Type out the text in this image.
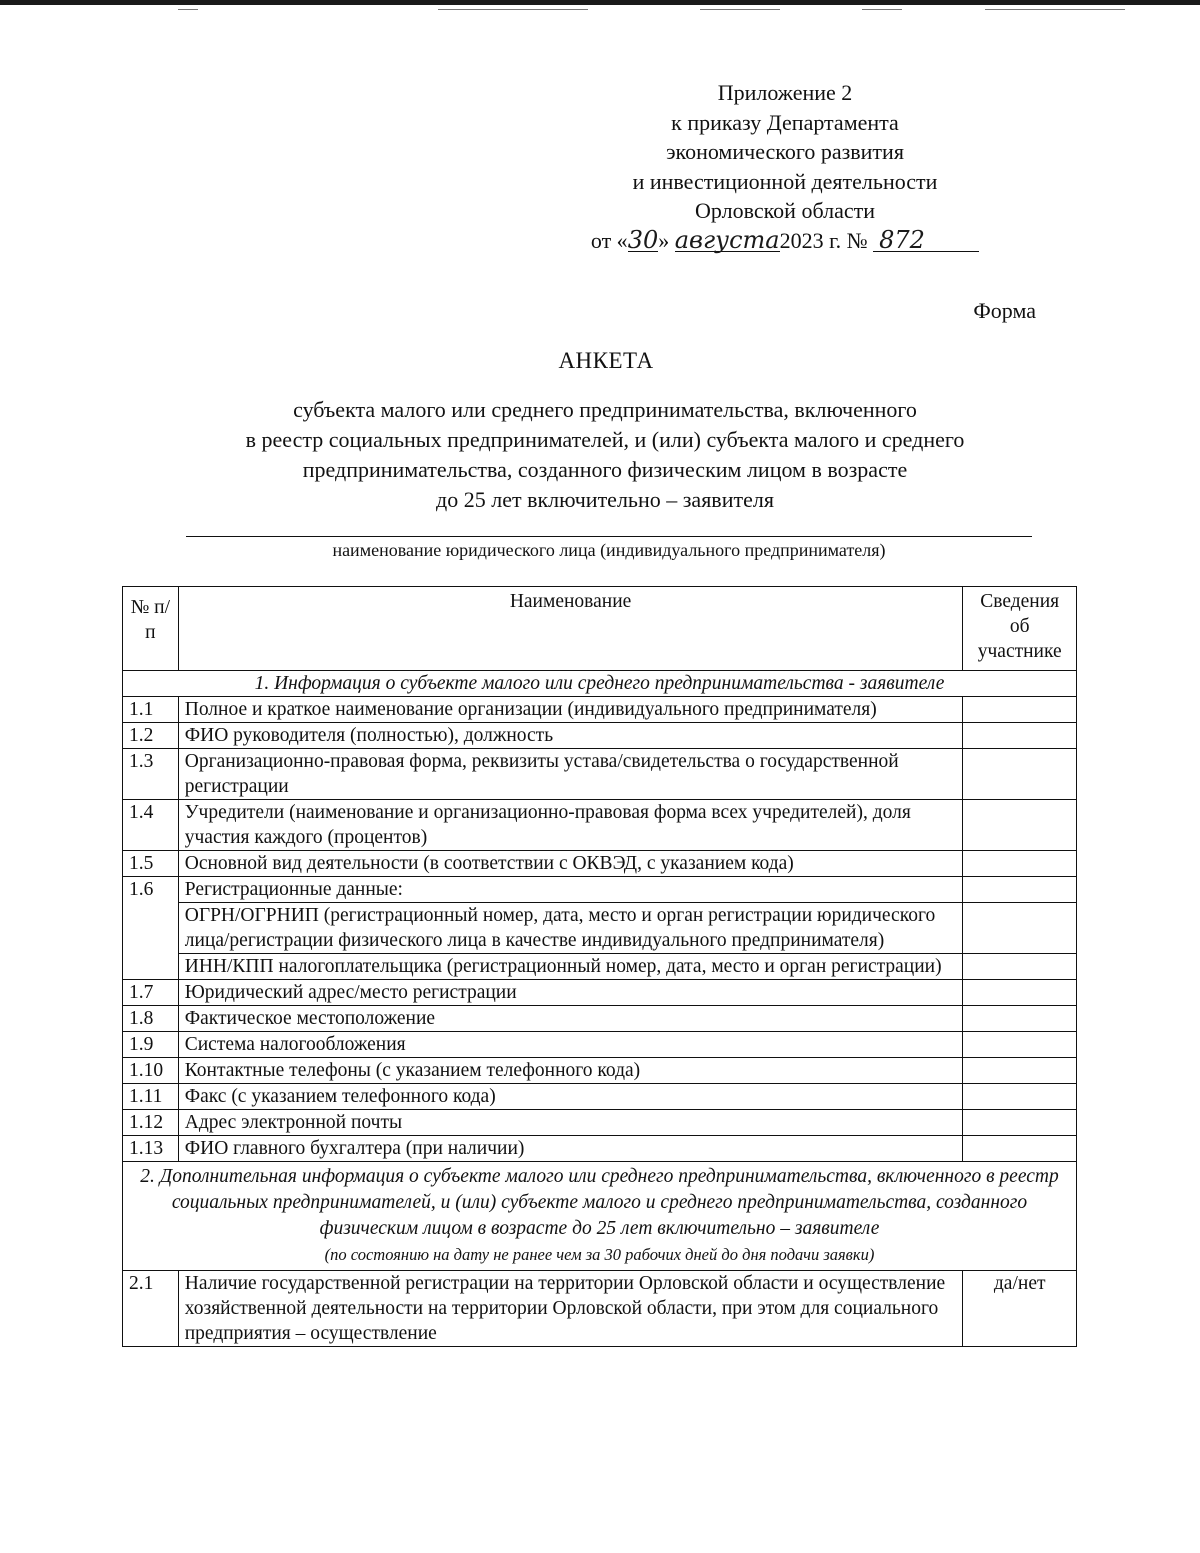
Приложение 2
к приказу Департамента
экономического развития
и инвестиционной деятельности
Орловской области
от «30» августа2023 г. № 872
Форма
АНКЕТА
субъекта малого или среднего предпринимательства, включенного
в реестр социальных предпринимателей, и (или) субъекта малого и среднего
предпринимательства, созданного физическим лицом в возрасте
до 25 лет включительно – заявителя
наименование юридического лица (индивидуального предпринимателя)
№ п/п	Наименование	Сведения об участнике
1. Информация о субъекте малого или среднего предпринимательства - заявителе		
1.1	Полное и краткое наименование организации (индивидуального предпринимателя)	
1.2	ФИО руководителя (полностью), должность	
1.3	Организационно-правовая форма, реквизиты устава/свидетельства о государственной регистрации	
1.4	Учредители (наименование и организационно-правовая форма всех учредителей), доля участия каждого (процентов)	
1.5	Основной вид деятельности (в соответствии с ОКВЭД, с указанием кода)	
1.6	Регистрационные данные:	
	ОГРН/ОГРНИП (регистрационный номер, дата, место и орган регистрации юридического лица/регистрации физического лица в качестве индивидуального предпринимателя)	
	ИНН/КПП налогоплательщика (регистрационный номер, дата, место и орган регистрации)	
1.7	Юридический адрес/место регистрации	
1.8	Фактическое местоположение	
1.9	Система налогообложения	
1.10	Контактные телефоны (с указанием телефонного кода)	
1.11	Факс (с указанием телефонного кода)	
1.12	Адрес электронной почты	
1.13	ФИО главного бухгалтера (при наличии)	

2. Дополнительная информация о субъекте малого или среднего предпринимательства, включенного в реестр социальных предпринимателей, и (или) субъекте малого и среднего предпринимательства, созданного физическим лицом в возрасте до 25 лет включительно – заявителе
(по состоянию на дату не ранее чем за 30 рабочих дней до дня подачи заявки)		

2.1	Наличие государственной регистрации на территории Орловской области и осуществление хозяйственной деятельности на территории Орловской области, при этом для социального предприятия – осуществление	да/нет
